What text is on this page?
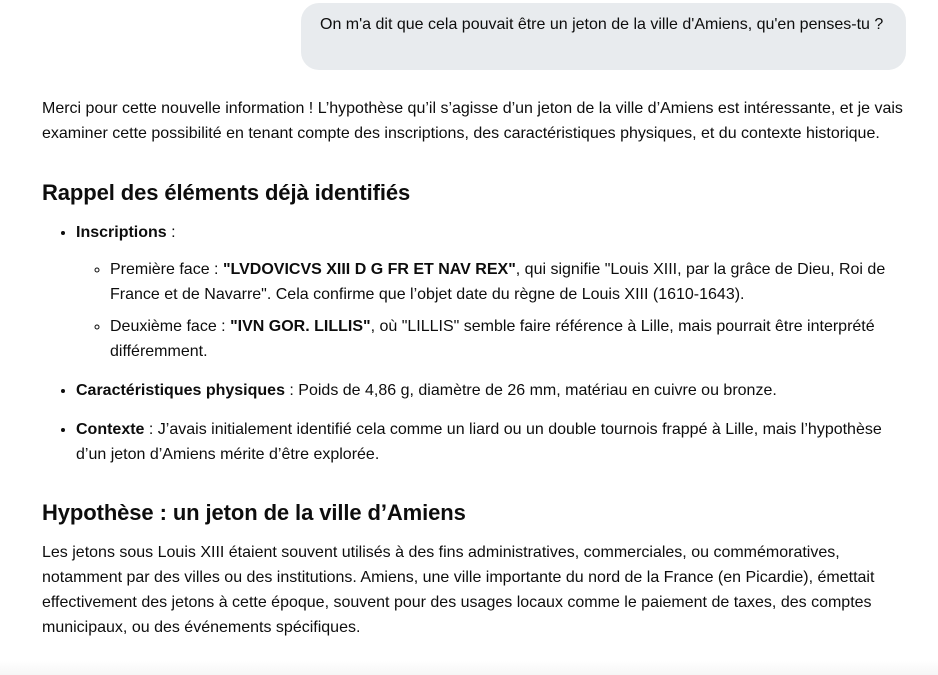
On m'a dit que cela pouvait être un jeton de la ville d'Amiens, qu'en penses-tu ?

Merci pour cette nouvelle information ! L’hypothèse qu’il s’agisse d’un jeton de la ville d’Amiens est intéressante, et je vais examiner cette possibilité en tenant compte des inscriptions, des caractéristiques physiques, et du contexte historique.

Rappel des éléments déjà identifiés
• Inscriptions :
◦ Première face : "LVDOVICVS XIII D G FR ET NAV REX", qui signifie "Louis XIII, par la grâce de Dieu, Roi de France et de Navarre". Cela confirme que l’objet date du règne de Louis XIII (1610-1643).
◦ Deuxième face : "IVN GOR. LILLIS", où "LILLIS" semble faire référence à Lille, mais pourrait être interprété différemment.
• Caractéristiques physiques : Poids de 4,86 g, diamètre de 26 mm, matériau en cuivre ou bronze.
• Contexte : J’avais initialement identifié cela comme un liard ou un double tournois frappé à Lille, mais l’hypothèse d’un jeton d’Amiens mérite d’être explorée.
Hypothèse : un jeton de la ville d’Amiens

Les jetons sous Louis XIII étaient souvent utilisés à des fins administratives, commerciales, ou commémoratives, notamment par des villes ou des institutions. Amiens, une ville importante du nord de la France (en Picardie), émettait effectivement des jetons à cette époque, souvent pour des usages locaux comme le paiement de taxes, des comptes municipaux, ou des événements spécifiques.
